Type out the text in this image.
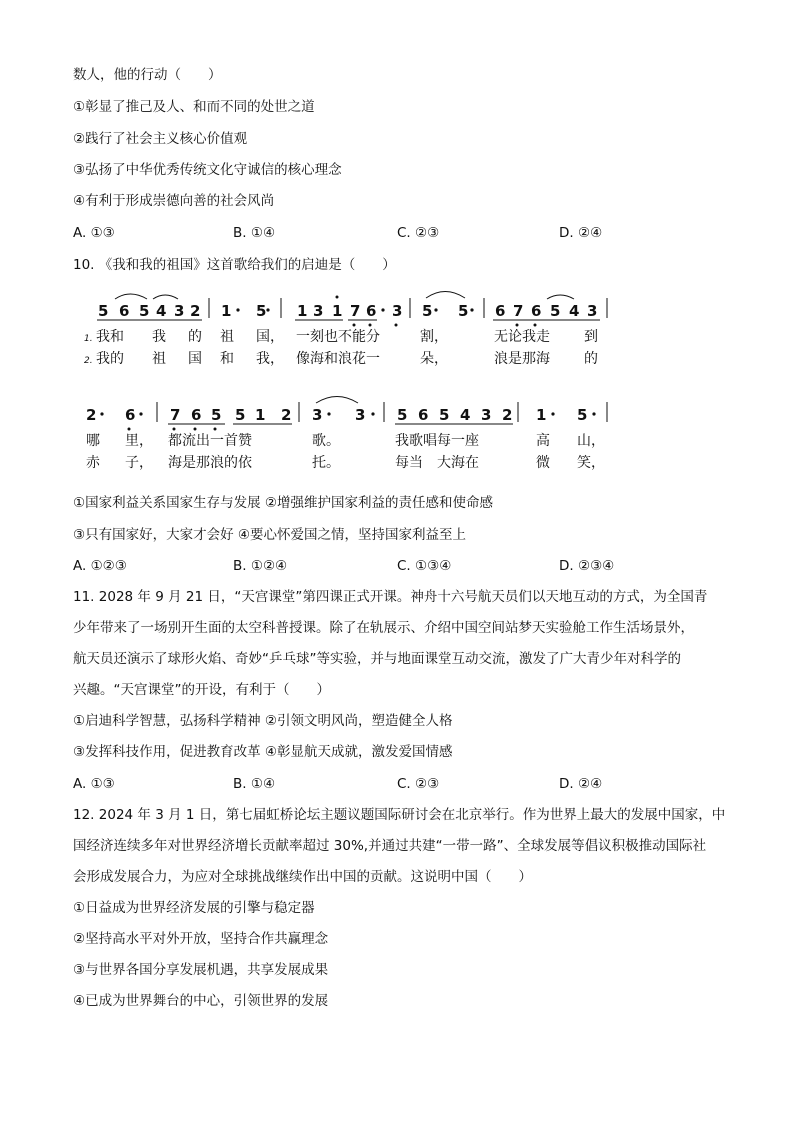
数人，他的行动（　　）
①彰显了推己及人、和而不同的处世之道
②践行了社会主义核心价值观
③弘扬了中华优秀传统文化守诚信的核心理念
④有利于形成崇德向善的社会风尚
A. ①③	B. ①④	C. ②③	D. ②④
10. 《我和我的祖国》这首歌给我们的启迪是（　　）
5 6 5 4 3 2 1 5 1 3 1 7 6 3 5 5 6 7 6 5 4 3
1. 我和 我 的 祖 国， 一刻也不能分	割，	无论我走 到
2. 我的 祖 国 和 我， 像海和浪花一	朵，	浪是那海 的
2 6 7 6 5 5 1 2 3 3 5 6 5 4 3 2 1 5
哪 里， 都流出一首赞	歌。	我歌唱每一座	高 山，
赤 子， 海是那浪的依	托。	每当　大海在	微 笑，
①国家利益关系国家生存与发展 ②增强维护国家利益的责任感和使命感
③只有国家好，大家才会好 ④要心怀爱国之情，坚持国家利益至上
A. ①②③	B. ①②④	C. ①③④	D. ②③④
11. 2028 年 9 月 21 日，“天宫课堂”第四课正式开课。神舟十六号航天员们以天地互动的方式，为全国青
少年带来了一场别开生面的太空科普授课。除了在轨展示、介绍中国空间站梦天实验舱工作生活场景外，
航天员还演示了球形火焰、奇妙“乒乓球”等实验，并与地面课堂互动交流，激发了广大青少年对科学的
兴趣。“天宫课堂”的开设，有利于（　　）
①启迪科学智慧，弘扬科学精神 ②引领文明风尚，塑造健全人格
③发挥科技作用，促进教育改革 ④彰显航天成就，激发爱国情感
A. ①③	B. ①④	C. ②③	D. ②④
12. 2024 年 3 月 1 日，第七届虹桥论坛主题议题国际研讨会在北京举行。作为世界上最大的发展中国家，中
国经济连续多年对世界经济增长贡献率超过 30%,并通过共建“一带一路”、全球发展等倡议积极推动国际社
会形成发展合力，为应对全球挑战继续作出中国的贡献。这说明中国（　　）
①日益成为世界经济发展的引擎与稳定器
②坚持高水平对外开放，坚持合作共赢理念
③与世界各国分享发展机遇，共享发展成果
④已成为世界舞台的中心，引领世界的发展
